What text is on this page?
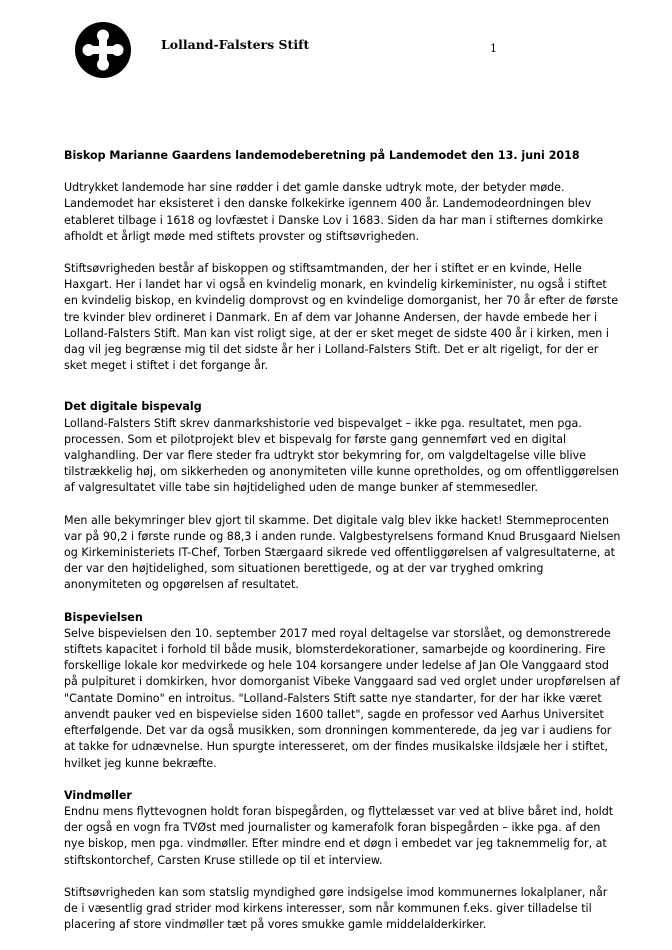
Lolland-Falsters Stift	1

Biskop Marianne Gaardens landemodeberetning på Landemodet den 13. juni 2018

Udtrykket landemode har sine rødder i det gamle danske udtryk mote, der betyder møde. Landemodet har eksisteret i den danske folkekirke igennem 400 år. Landemodeordningen blev etableret tilbage i 1618 og lovfæstet i Danske Lov i 1683. Siden da har man i stifternes domkirke afholdt et årligt møde med stiftets provster og stiftsøvrigheden.

Stiftsøvrigheden består af biskoppen og stiftsamtmanden, der her i stiftet er en kvinde, Helle Haxgart. Her i landet har vi også en kvindelig monark, en kvindelig kirkeminister, nu også i stiftet en kvindelig biskop, en kvindelig domprovst og en kvindelige domorganist, her 70 år efter de første tre kvinder blev ordineret i Danmark. En af dem var Johanne Andersen, der havde embede her i Lolland-Falsters Stift. Man kan vist roligt sige, at der er sket meget de sidste 400 år i kirken, men i dag vil jeg begrænse mig til det sidste år her i Lolland-Falsters Stift. Det er alt rigeligt, for der er sket meget i stiftet i det forgange år.

Det digitale bispevalg

Lolland-Falsters Stift skrev danmarkshistorie ved bispevalget – ikke pga. resultatet, men pga. processen. Som et pilotprojekt blev et bispevalg for første gang gennemført ved en digital valghandling. Der var flere steder fra udtrykt stor bekymring for, om valgdeltagelse ville blive tilstrækkelig høj, om sikkerheden og anonymiteten ville kunne opretholdes, og om offentliggørelsen af valgresultatet ville tabe sin højtidelighed uden de mange bunker af stemmesedler.

Men alle bekymringer blev gjort til skamme. Det digitale valg blev ikke hacket! Stemmeprocenten var på 90,2 i første runde og 88,3 i anden runde. Valgbestyrelsens formand Knud Brusgaard Nielsen og Kirkeministeriets IT-Chef, Torben Stærgaard sikrede ved offentliggørelsen af valgresultaterne, at der var den højtidelighed, som situationen berettigede, og at der var tryghed omkring anonymiteten og opgørelsen af resultatet.

Bispevielsen

Selve bispevielsen den 10. september 2017 med royal deltagelse var storslået, og demonstrerede stiftets kapacitet i forhold til både musik, blomsterdekorationer, samarbejde og koordinering. Fire forskellige lokale kor medvirkede og hele 104 korsangere under ledelse af Jan Ole Vanggaard stod på pulpituret i domkirken, hvor domorganist Vibeke Vanggaard sad ved orglet under uropførelsen af "Cantate Domino" en introitus. "Lolland-Falsters Stift satte nye standarter, for der har ikke været anvendt pauker ved en bispevielse siden 1600 tallet", sagde en professor ved Aarhus Universitet efterfølgende. Det var da også musikken, som dronningen kommenterede, da jeg var i audiens for at takke for udnævnelse. Hun spurgte interesseret, om der findes musikalske ildsjæle her i stiftet, hvilket jeg kunne bekræfte.

Vindmøller

Endnu mens flyttevognen holdt foran bispegården, og flyttelæsset var ved at blive båret ind, holdt der også en vogn fra TVØst med journalister og kamerafolk foran bispegården – ikke pga. af den nye biskop, men pga. vindmøller. Efter mindre end et døgn i embedet var jeg taknemmelig for, at stiftskontorchef, Carsten Kruse stillede op til et interview.

Stiftsøvrigheden kan som statslig myndighed gøre indsigelse imod kommunernes lokalplaner, når de i væsentlig grad strider mod kirkens interesser, som når kommunen f.eks. giver tilladelse til placering af store vindmøller tæt på vores smukke gamle middelalderkirker.
